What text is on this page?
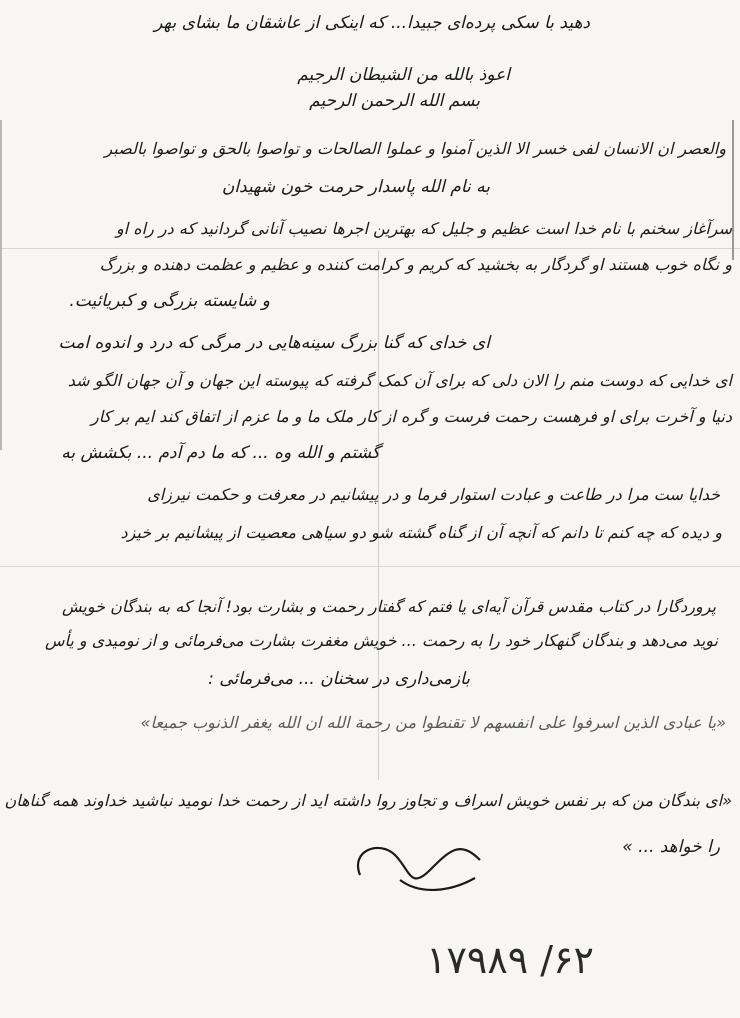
دهید با سکی پرده‌ای جبیدا... که اینکی از عاشقان ما بشای بهر
اعوذ بالله من الشیطان الرجیم
بسم الله الرحمن الرحیم
والعصر ان الانسان لفی خسر الا الذین آمنوا و عملوا الصالحات و تواصوا بالحق و تواصوا بالصبر
به نام الله پاسدار حرمت خون شهیدان
سرآغاز سخنم با نام خدا است عظیم و جلیل که بهترین اجرها نصیب آنانی گردانید که در راه او
و نگاه خوب هستند او گردگار به بخشید که کریم و کرامت کننده و عظیم و عظمت دهنده و بزرگ
و شایسته بزرگی و کبریائیت.
ای خدای که گنا بزرگ سینه‌هایی در مرگی که درد و اندوه امت
ای خدایی که دوست منم را الان دلی که برای آن کمک گرفته که پیوسته این جهان و آن جهان الگو شد
دنیا و آخرت برای او فرهست رحمت فرست و گره از کار ملک ما و ما عزم از اتفاق کند ایم بر کار
گشتم و الله وه ... که ما دم آدم ... بکشش به
خدایا ست مرا در طاعت و عبادت استوار فرما و در پیشانیم در معرفت و حکمت نیرزای
و دیده که چه کنم تا دانم که آنچه آن از گناه گشته شو دو سیاهی معصیت از پیشانیم بر خیزد
پروردگارا در کتاب مقدس قرآن آیه‌ای یا فتم که گفتار رحمت و بشارت بود! آنجا که به بندگان خویش
نوید می‌دهد و بندگان گنهکار خود را به رحمت ... خویش مغفرت بشارت می‌فرمائی و از نومیدی و یأس
بازمی‌داری در سخنان ... می‌فرمائی :
«یا عبادی الذین اسرفوا علی انفسهم لا تقنطوا من رحمة الله ان الله یغفر الذنوب جمیعا»
«ای بندگان من که بر نفس خویش اسراف و تجاوز روا داشته اید از رحمت خدا نومید نباشید خداوند همه گناهان
را خواهد ... »
۶۲/ ۱۷۹۸۹
